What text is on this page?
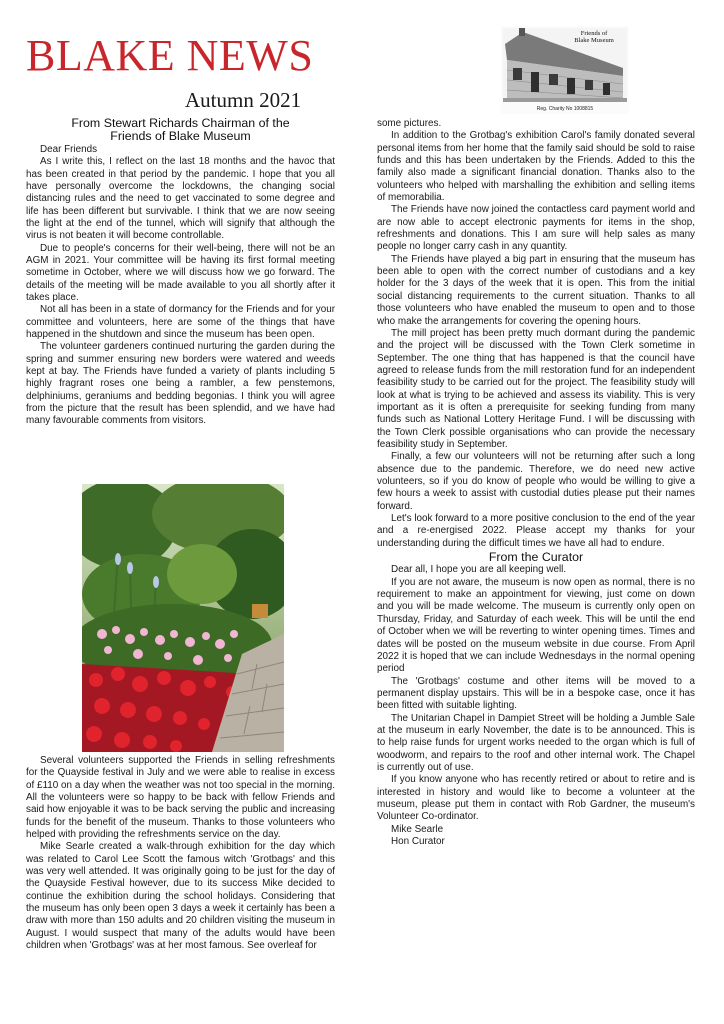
BLAKE NEWS
Autumn 2021
Friends of
Blake Museum
Reg. Charity No 1008815
From Stewart Richards Chairman of the
Friends of Blake Museum

Dear Friends

As I write this, I reflect on the last 18 months and the havoc that has been created in that period by the pandemic. I hope that you all have personally overcome the lockdowns, the changing social distancing rules and the need to get vaccinated to some degree and life has been different but survivable. I think that we are now seeing the light at the end of the tunnel, which will signify that although the virus is not beaten it will become controllable.

Due to people's concerns for their well-being, there will not be an AGM in 2021. Your committee will be having its first formal meeting sometime in October, where we will discuss how we go forward. The details of the meeting will be made available to you all shortly after it takes place.

Not all has been in a state of dormancy for the Friends and for your committee and volunteers, here are some of the things that have happened in the shutdown and since the museum has been open.

The volunteer gardeners continued nurturing the garden during the spring and summer ensuring new borders were watered and weeds kept at bay. The Friends have funded a variety of plants including 5 highly fragrant roses one being a rambler, a few penstemons, delphiniums, geraniums and bedding begonias. I think you will agree from the picture that the result has been splendid, and we have had many favourable comments from visitors.

Several volunteers supported the Friends in selling refreshments for the Quayside festival in July and we were able to realise in excess of £110 on a day when the weather was not too special in the morning. All the volunteers were so happy to be back with fellow Friends and said how enjoyable it was to be back serving the public and increasing funds for the benefit of the museum. Thanks to those volunteers who helped with providing the refreshments service on the day.

Mike Searle created a walk-through exhibition for the day which was related to Carol Lee Scott the famous witch 'Grotbags' and this was very well attended. It was originally going to be just for the day of the Quayside Festival however, due to its success Mike decided to continue the exhibition during the school holidays. Considering that the museum has only been open 3 days a week it certainly has been a draw with more than 150 adults and 20 children visiting the museum in August. I would suspect that many of the adults would have been children when 'Grotbags' was at her most famous. See overleaf for

some pictures.

In addition to the Grotbag's exhibition Carol's family donated several personal items from her home that the family said should be sold to raise funds and this has been undertaken by the Friends. Added to this the family also made a significant financial donation. Thanks also to the volunteers who helped with marshalling the exhibition and selling items of memorabilia.

The Friends have now joined the contactless card payment world and are now able to accept electronic payments for items in the shop, refreshments and donations. This I am sure will help sales as many people no longer carry cash in any quantity.

The Friends have played a big part in ensuring that the museum has been able to open with the correct number of custodians and a key holder for the 3 days of the week that it is open. This from the initial social distancing requirements to the current situation. Thanks to all those volunteers who have enabled the museum to open and to those who make the arrangements for covering the opening hours.

The mill project has been pretty much dormant during the pandemic and the project will be discussed with the Town Clerk sometime in September. The one thing that has happened is that the council have agreed to release funds from the mill restoration fund for an independent feasibility study to be carried out for the project. The feasibility study will look at what is trying to be achieved and assess its viability. This is very important as it is often a prerequisite for seeking funding from many funds such as National Lottery Heritage Fund. I will be discussing with the Town Clerk possible organisations who can provide the necessary feasibility study in September.

Finally, a few our volunteers will not be returning after such a long absence due to the pandemic. Therefore, we do need new active volunteers, so if you do know of people who would be willing to give a few hours a week to assist with custodial duties please put their names forward.

Let's look forward to a more positive conclusion to the end of the year and a re-energised 2022. Please accept my thanks for your understanding during the difficult times we have all had to endure.

From the Curator

Dear all, I hope you are all keeping well.

If you are not aware, the museum is now open as normal, there is no requirement to make an appointment for viewing, just come on down and you will be made welcome. The museum is currently only open on Thursday, Friday, and Saturday of each week. This will be until the end of October when we will be reverting to winter opening times. Times and dates will be posted on the museum website in due course. From April 2022 it is hoped that we can include Wednesdays in the normal opening period

The 'Grotbags' costume and other items will be moved to a permanent display upstairs. This will be in a bespoke case, once it has been fitted with suitable lighting.

The Unitarian Chapel in Dampiet Street will be holding a Jumble Sale at the museum in early November, the date is to be announced. This is to help raise funds for urgent works needed to the organ which is full of woodworm, and repairs to the roof and other internal work. The Chapel is currently out of use.

If you know anyone who has recently retired or about to retire and is interested in history and would like to become a volunteer at the museum, please put them in contact with Rob Gardner, the museum's Volunteer Co-ordinator.

Mike Searle

Hon Curator
